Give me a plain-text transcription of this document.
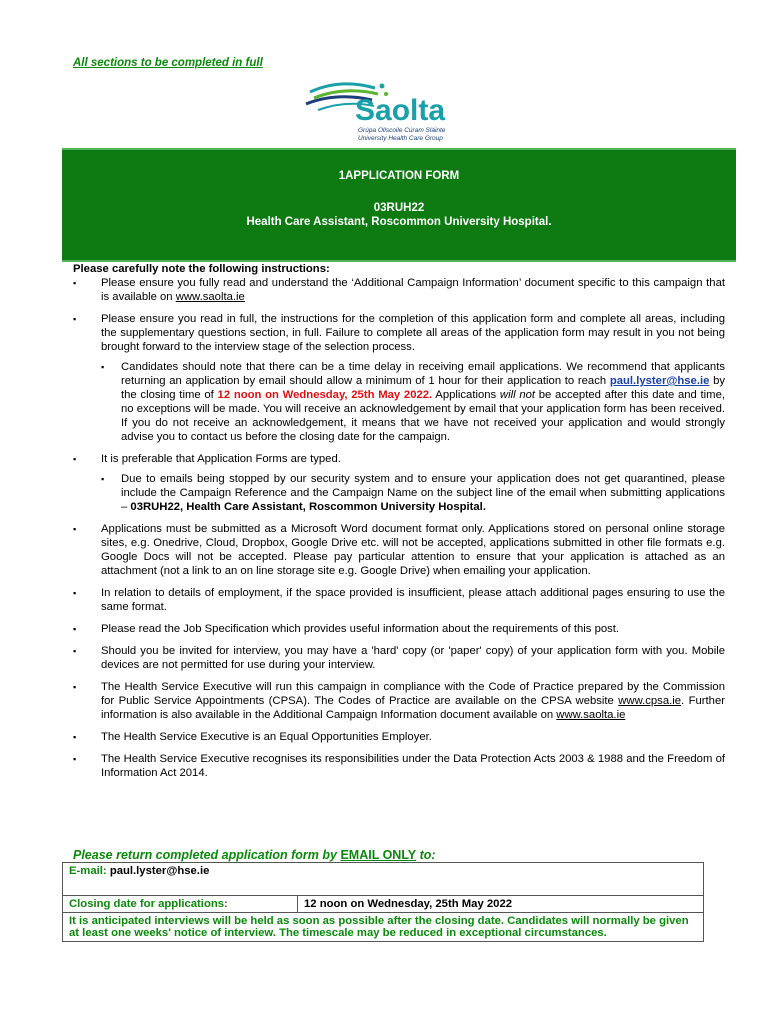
All sections to be completed in full
Saolta
Grúpa Ollscoile Cúram Sláinte
University Health Care Group
1APPLICATION FORM
03RUH22
Health Care Assistant, Roscommon University Hospital.
Please carefully note the following instructions:
▪ Please ensure you fully read and understand the ‘Additional Campaign Information’ document specific to this campaign that is available on www.saolta.ie
▪ Please ensure you read in full, the instructions for the completion of this application form and complete all areas, including the supplementary questions section, in full. Failure to complete all areas of the application form may result in you not being brought forward to the interview stage of the selection process.
▪ Candidates should note that there can be a time delay in receiving email applications. We recommend that applicants returning an application by email should allow a minimum of 1 hour for their application to reach paul.lyster@hse.ie by the closing time of 12 noon on Wednesday, 25th May 2022. Applications will not be accepted after this date and time, no exceptions will be made. You will receive an acknowledgement by email that your application form has been received. If you do not receive an acknowledgement, it means that we have not received your application and would strongly advise you to contact us before the closing date for the campaign.
▪ It is preferable that Application Forms are typed.
▪ Due to emails being stopped by our security system and to ensure your application does not get quarantined, please include the Campaign Reference and the Campaign Name on the subject line of the email when submitting applications – 03RUH22, Health Care Assistant, Roscommon University Hospital.
▪ Applications must be submitted as a Microsoft Word document format only. Applications stored on personal online storage sites, e.g. Onedrive, Cloud, Dropbox, Google Drive etc. will not be accepted, applications submitted in other file formats e.g. Google Docs will not be accepted. Please pay particular attention to ensure that your application is attached as an attachment (not a link to an on line storage site e.g. Google Drive) when emailing your application.
▪ In relation to details of employment, if the space provided is insufficient, please attach additional pages ensuring to use the same format.
▪ Please read the Job Specification which provides useful information about the requirements of this post.
▪ Should you be invited for interview, you may have a 'hard' copy (or 'paper' copy) of your application form with you. Mobile devices are not permitted for use during your interview.
▪ The Health Service Executive will run this campaign in compliance with the Code of Practice prepared by the Commission for Public Service Appointments (CPSA). The Codes of Practice are available on the CPSA website www.cpsa.ie. Further information is also available in the Additional Campaign Information document available on www.saolta.ie
▪ The Health Service Executive is an Equal Opportunities Employer.
▪ The Health Service Executive recognises its responsibilities under the Data Protection Acts 2003 & 1988 and the Freedom of Information Act 2014.
Please return completed application form by EMAIL ONLY to:
E-mail: paul.lyster@hse.ie
Closing date for applications:	12 noon on Wednesday, 25th May 2022
It is anticipated interviews will be held as soon as possible after the closing date. Candidates will normally be given at least one weeks' notice of interview. The timescale may be reduced in exceptional circumstances.
